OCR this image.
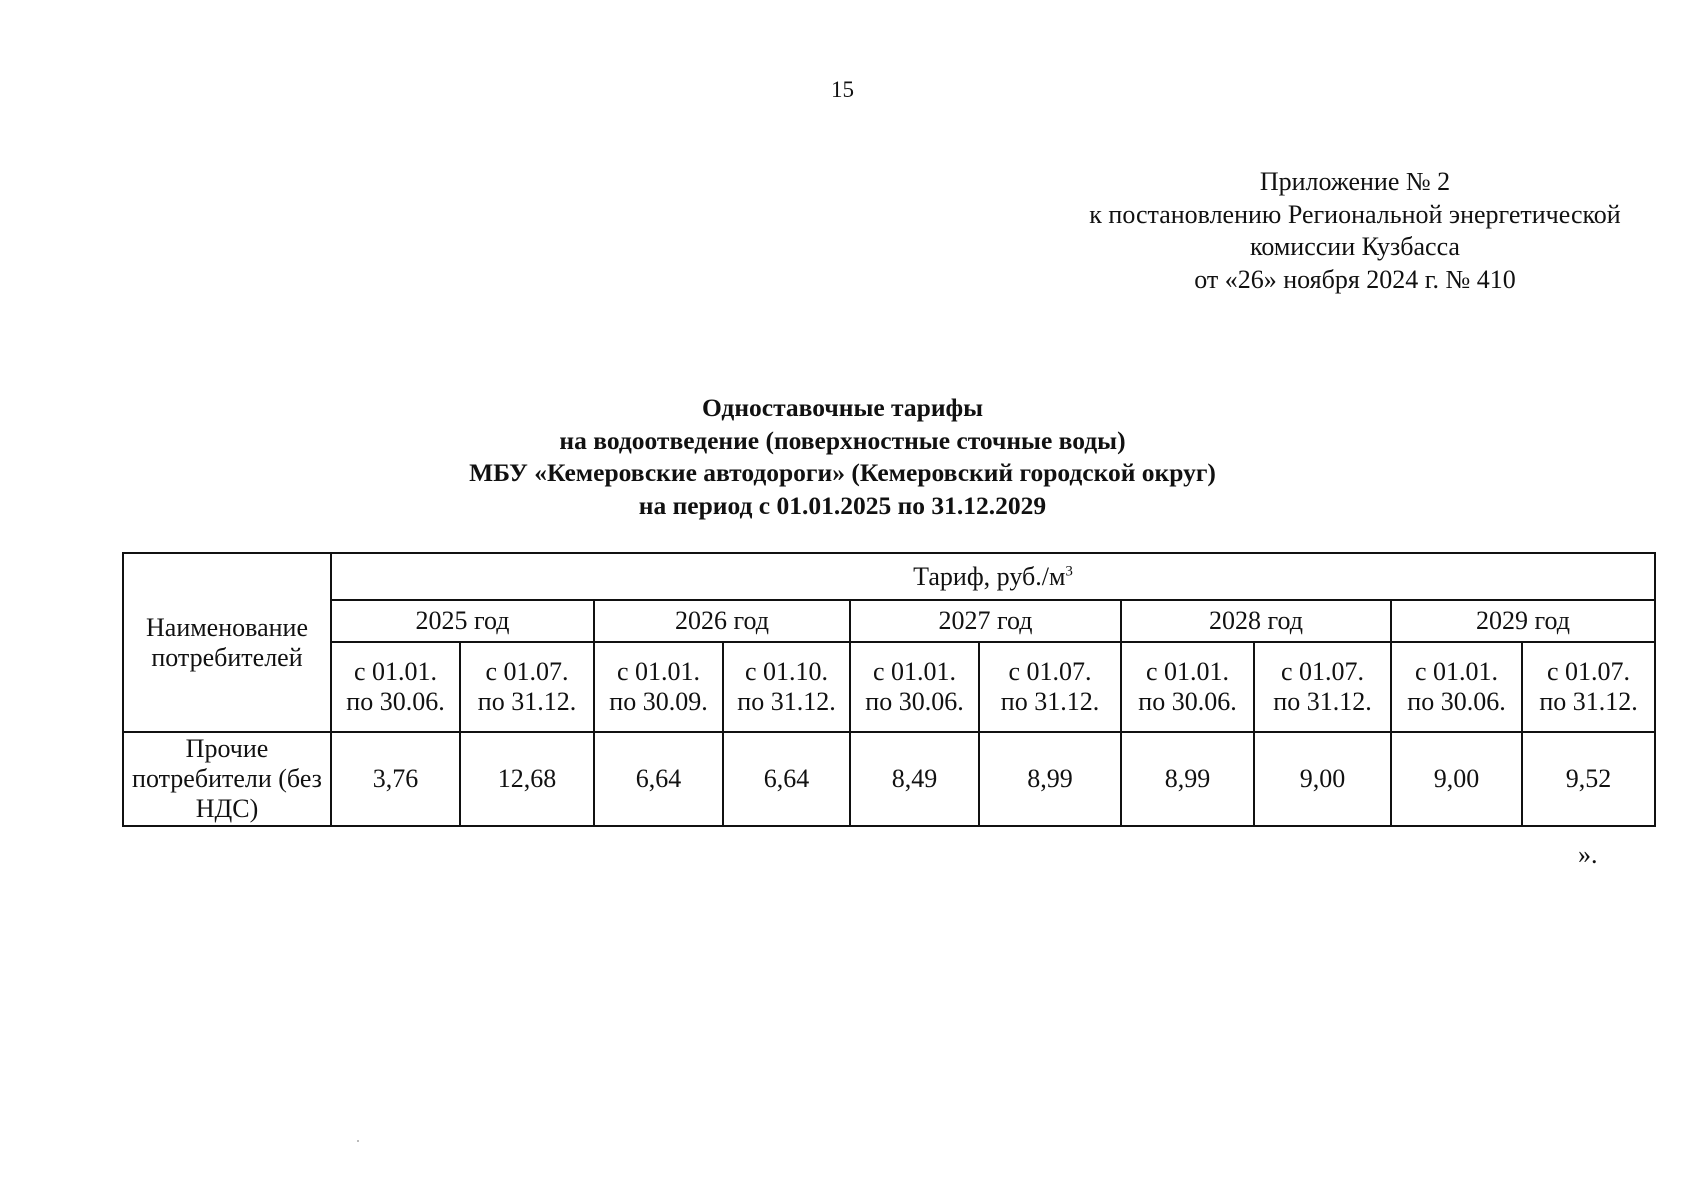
15
Приложение № 2
к постановлению Региональной энергетической
комиссии Кузбасса
от «26» ноября 2024 г. № 410
Одноставочные тарифы
на водоотведение (поверхностные сточные воды)
МБУ «Кемеровские автодороги» (Кемеровский городской округ)
на период с 01.01.2025 по 31.12.2029
Наименование потребителей	Тариф, $руб./м^3$
	2025 год		2026 год		2027 год		2028 год		2029 год	

	с 01.01.
по 30.06.	с 01.07.
по 31.12.	с 01.01.
по 30.09.	с 01.10.
по 31.12.	с 01.01.
по 30.06.	с 01.07.
по 31.12.	с 01.01.
по 30.06.	с 01.07.
по 31.12.	с 01.01.
по 30.06.	с 01.07.
по 31.12.

Прочие потребители (без НДС)	3,76	12,68	6,64	6,64	8,49	8,99	8,99	9,00	9,00	9,52
».
